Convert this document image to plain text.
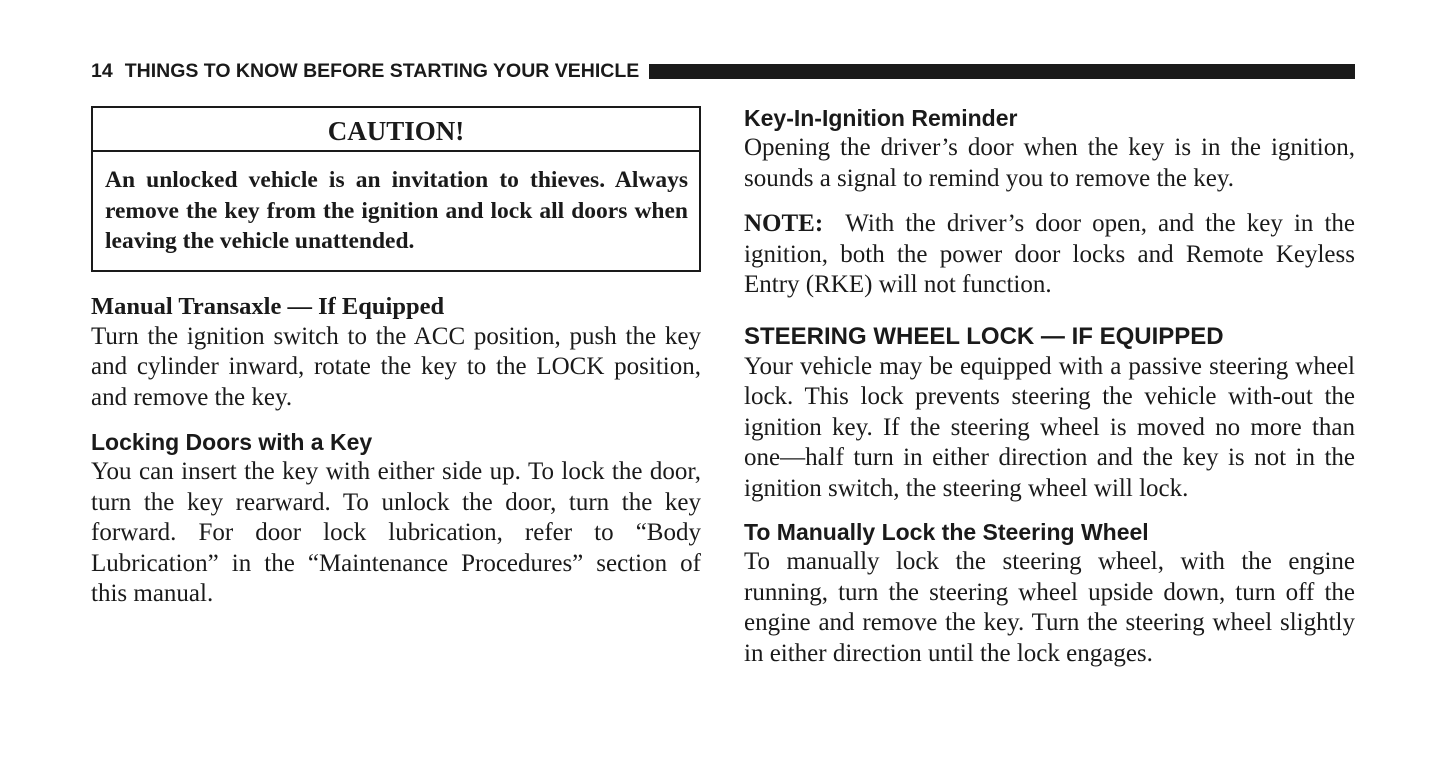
14 THINGS TO KNOW BEFORE STARTING YOUR VEHICLE
CAUTION!
An unlocked vehicle is an invitation to thieves. Always remove the key from the ignition and lock all doors when leaving the vehicle unattended.
Manual Transaxle — If Equipped

Turn the ignition switch to the ACC position, push the key and cylinder inward, rotate the key to the LOCK position, and remove the key.

Locking Doors with a Key

You can insert the key with either side up. To lock the door, turn the key rearward. To unlock the door, turn the key forward. For door lock lubrication, refer to “Body Lubrication” in the “Maintenance Procedures” section of this manual.

Key-In-Ignition Reminder

Opening the driver’s door when the key is in the ignition, sounds a signal to remind you to remove the key.

NOTE: With the driver’s door open, and the key in the ignition, both the power door locks and Remote Keyless Entry (RKE) will not function.

STEERING WHEEL LOCK — IF EQUIPPED

Your vehicle may be equipped with a passive steering wheel lock. This lock prevents steering the vehicle with-out the ignition key. If the steering wheel is moved no more than one—half turn in either direction and the key is not in the ignition switch, the steering wheel will lock.

To Manually Lock the Steering Wheel

To manually lock the steering wheel, with the engine running, turn the steering wheel upside down, turn off the engine and remove the key. Turn the steering wheel slightly in either direction until the lock engages.
